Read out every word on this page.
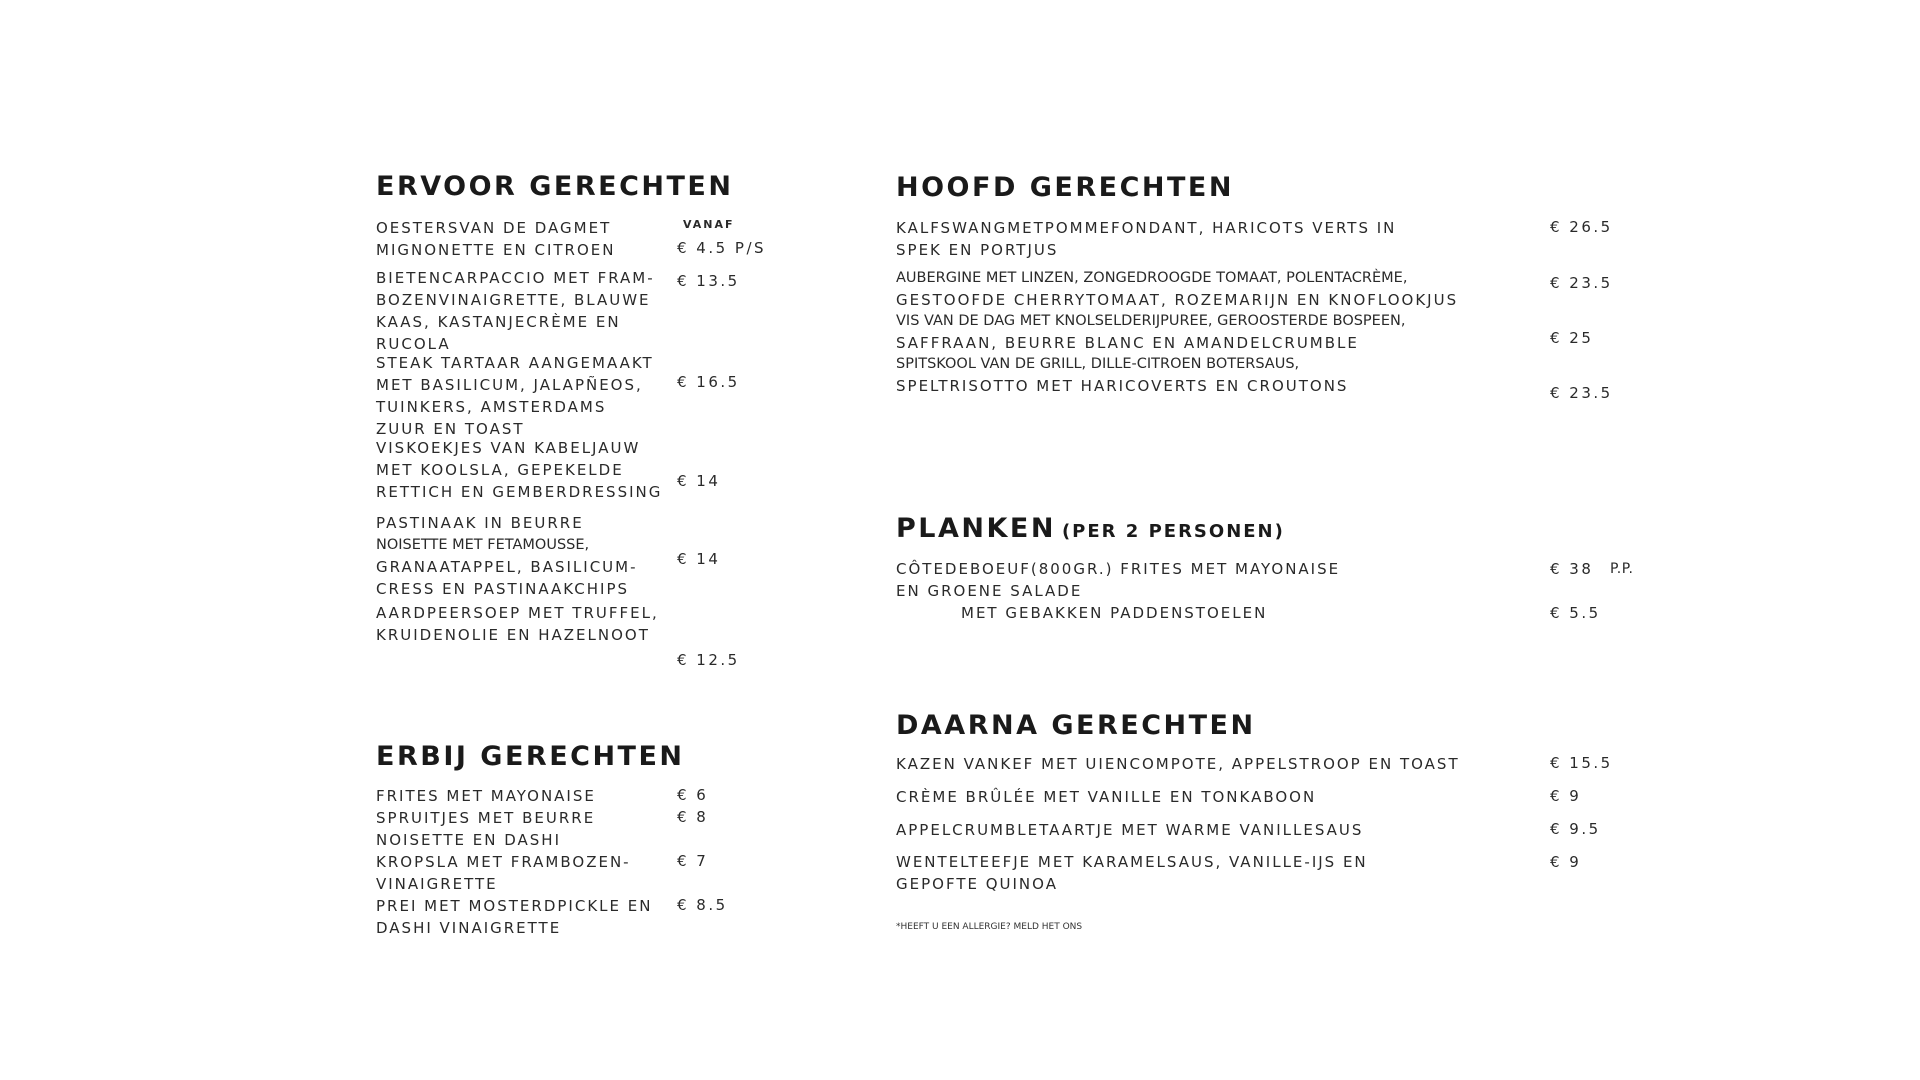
ERVOOR GERECHTEN
VANAF
OESTERSVAN DE DAGMET
MIGNONETTE EN CITROEN	€ 4.5 P/S
BIETENCARPACCIO MET FRAM-
BOZENVINAIGRETTE, BLAUWE
KAAS, KASTANJECRÈME EN
RUCOLA
€ 13.5
STEAK TARTAAR AANGEMAAKT
MET BASILICUM, JALAPÑEOS,
TUINKERS, AMSTERDAMS
ZUUR EN TOAST
€ 16.5
VISKOEKJES VAN KABELJAUW
MET KOOLSLA, GEPEKELDE
RETTICH EN GEMBERDRESSING
€ 14
PASTINAAK IN BEURRE
NOISETTE MET FETAMOUSSE,
GRANAATAPPEL, BASILICUM-
CRESS EN PASTINAAKCHIPS
€ 14
AARDPEERSOEP MET TRUFFEL,
KRUIDENOLIE EN HAZELNOOT
€ 12.5
ERBIJ GERECHTEN
FRITES MET MAYONAISE	€ 6
SPRUITJES MET BEURRE
NOISETTE EN DASHI
€ 8
KROPSLA MET FRAMBOZEN-
VINAIGRETTE
€ 7
PREI MET MOSTERDPICKLE EN
DASHI VINAIGRETTE
€ 8.5
HOOFD GERECHTEN
KALFSWANGMETPOMMEFONDANT, HARICOTS VERTS IN
SPEK EN PORTJUS
€ 26.5
AUBERGINE MET LINZEN, ZONGEDROOGDE TOMAAT, POLENTACRÈME,
GESTOOFDE CHERRYTOMAAT, ROZEMARIJN EN KNOFLOOKJUS
€ 23.5
VIS VAN DE DAG MET KNOLSELDERIJPUREE, GEROOSTERDE BOSPEEN,
SAFFRAAN, BEURRE BLANC EN AMANDELCRUMBLE	€ 25
SPITSKOOL VAN DE GRILL, DILLE-CITROEN BOTERSAUS,
SPELTRISOTTO MET HARICOVERTS EN CROUTONS	€ 23.5
PLANKEN (PER 2 PERSONEN)
CÔTEDEBOEUF(800GR.) FRITES MET MAYONAISE
EN GROENE SALADE
€ 38 P.P.
MET GEBAKKEN PADDENSTOELEN	€ 5.5
DAARNA GERECHTEN
KAZEN VANKEF MET UIENCOMPOTE, APPELSTROOP EN TOAST	€ 15.5
CRÈME BRÛLÉE MET VANILLE EN TONKABOON	€ 9
APPELCRUMBLETAARTJE MET WARME VANILLESAUS	€ 9.5
WENTELTEEFJE MET KARAMELSAUS, VANILLE-IJS EN
GEPOFTE QUINOA
€ 9
*HEEFT U EEN ALLERGIE? MELD HET ONS
